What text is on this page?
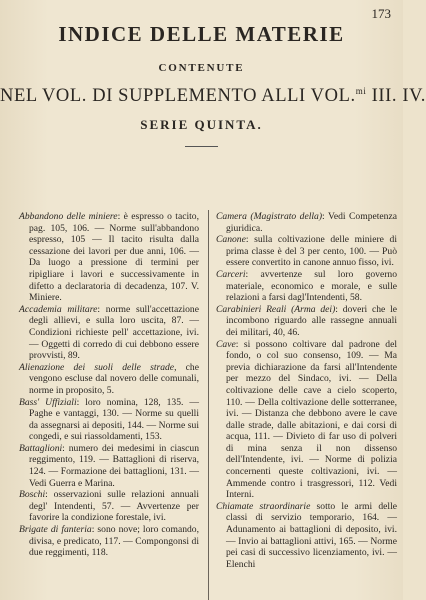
173
INDICE DELLE MATERIE
CONTENUTE
NEL VOL. DI SUPPLEMENTO ALLI VOL.$^{mi}$ III. IV.
SERIE QUINTA.

Abbandono delle miniere: è espresso o tacito, pag. 105, 106. — Norme sull'abbandono espresso, 105 — Il tacito risulta dalla cessazione dei lavori per due anni, 106. — Da luogo a pressione di termini per ripigliare i lavori e successivamente in difetto a declaratoria di decadenza, 107. V. Miniere.

Accademia militare: norme sull'accettazione degli allievi, e sulla loro uscita, 87. — Condizioni richieste pell' accettazione, ivi. — Oggetti di corredo di cui debbono essere provvisti, 89.

Alienazione dei suoli delle strade, che vengono escluse dal novero delle comunali, norme in proposito, 5.

Bass' Uffiziali: loro nomina, 128, 135. — Paghe e vantaggi, 130. — Norme su quelli da assegnarsi ai depositi, 144. — Norme sui congedi, e sui riassoldamenti, 153.

Battaglioni: numero dei medesimi in ciascun reggimento, 119. — Battaglioni di riserva, 124. — Formazione dei battaglioni, 131. — Vedi Guerra e Marina.

Boschi: osservazioni sulle relazioni annuali degl' Intendenti, 57. — Avvertenze per favorire la condizione forestale, ivi.

Brigate di fanteria: sono nove; loro comando, divisa, e predicato, 117. — Compongonsi di due reggimenti, 118.

Camera (Magistrato della): Vedi Competenza giuridica.

Canone: sulla coltivazione delle miniere di prima classe è del 3 per cento, 100. — Può essere convertito in canone annuo fisso, ivi.

Carceri: avvertenze sul loro governo materiale, economico e morale, e sulle relazioni a farsi dagl'Intendenti, 58.

Carabinieri Reali (Arma dei): doveri che le incombono riguardo alle rassegne annuali dei militari, 40, 46.

Cave: si possono coltivare dal padrone del fondo, o col suo consenso, 109. — Ma previa dichiarazione da farsi all'Intendente per mezzo del Sindaco, ivi. — Della coltivazione delle cave a cielo scoperto, 110. — Della coltivazione delle sotterranee, ivi. — Distanza che debbono avere le cave dalle strade, dalle abitazioni, e dai corsi di acqua, 111. — Divieto di far uso di polveri di mina senza il non dissenso dell'Intendente, ivi. — Norme di polizia concernenti queste coltivazioni, ivi. — Ammende contro i trasgressori, 112. Vedi Interni.

Chiamate straordinarie sotto le armi delle classi di servizio temporario, 164. — Adunamento ai battaglioni di deposito, ivi. — Invio ai battaglioni attivi, 165. — Norme pei casi di successivo licenziamento, ivi. — Elenchi
